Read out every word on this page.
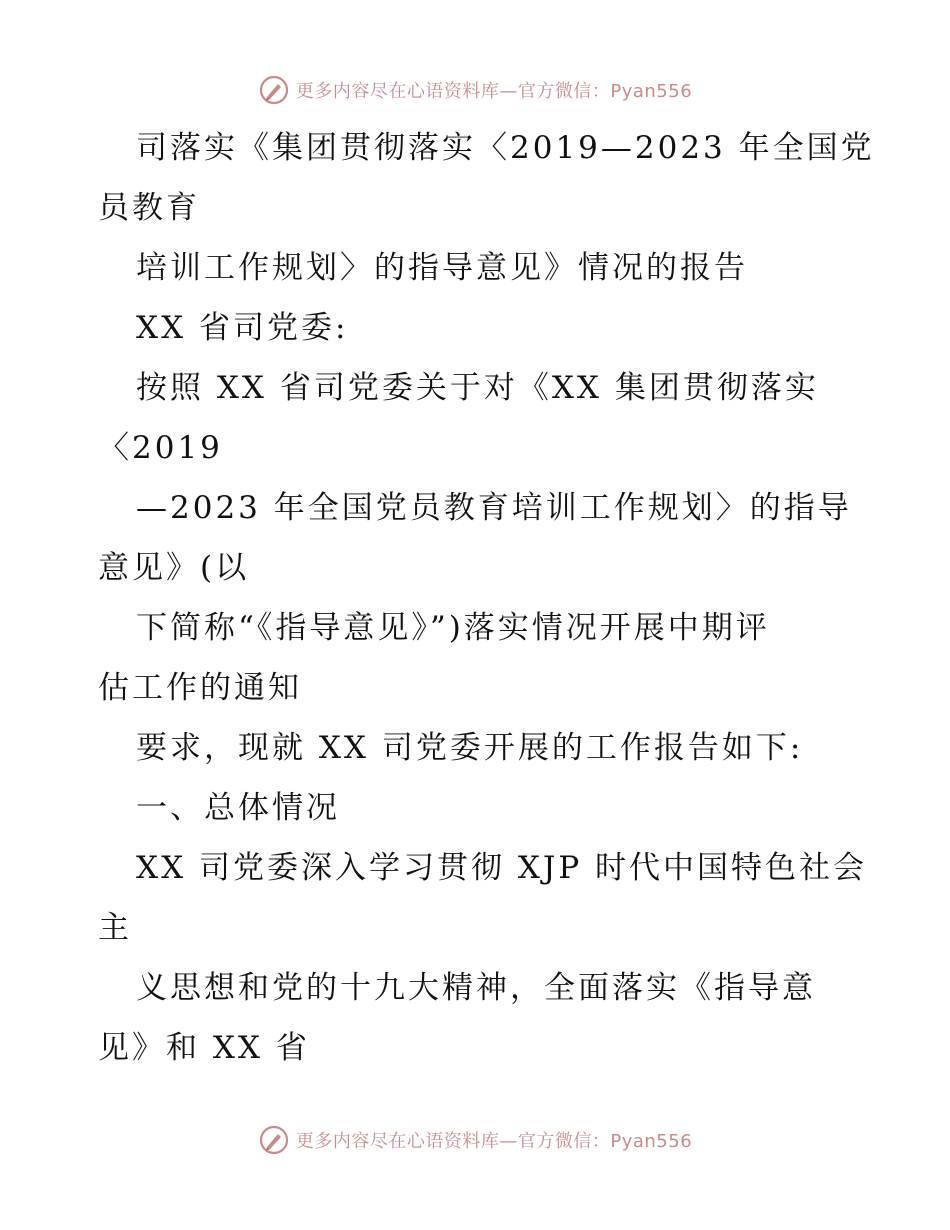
更多内容尽在心语资料库—官方微信：Pyan556
司落实《集团贯彻落实〈2019—2023 年全国党
员教育
培训工作规划〉的指导意见》情况的报告
XX 省司党委:
按照 XX 省司党委关于对《XX 集团贯彻落实
〈2019
—2023 年全国党员教育培训工作规划〉的指导
意见》(以
下简称“《指导意见》”)落实情况开展中期评
估工作的通知
要求，现就 XX 司党委开展的工作报告如下:
一、总体情况
XX 司党委深入学习贯彻 XJP 时代中国特色社会
主
义思想和党的十九大精神，全面落实《指导意
见》和 XX 省
更多内容尽在心语资料库—官方微信：Pyan556
